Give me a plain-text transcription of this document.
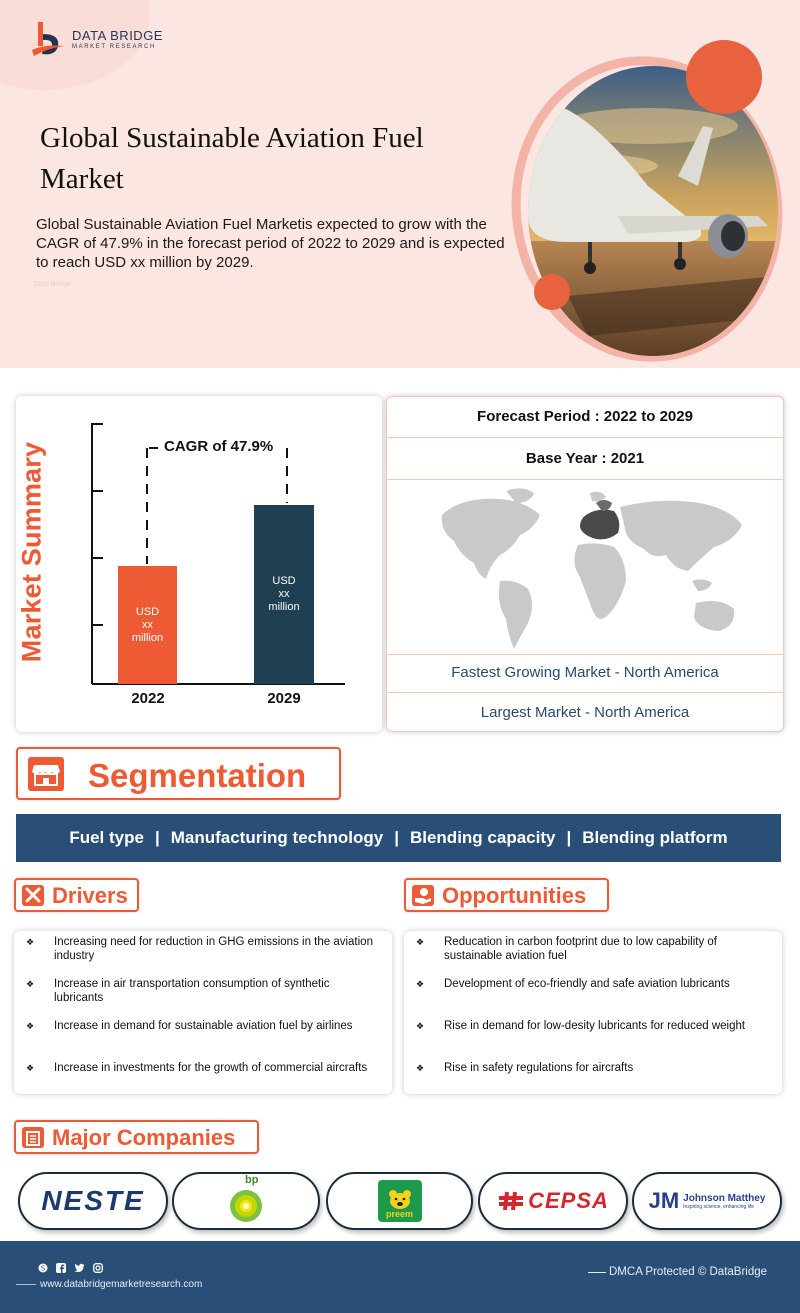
DATA BRIDGE
MARKET RESEARCH
Global Sustainable Aviation Fuel Market
Global Sustainable Aviation Fuel Marketis expected to grow with the CAGR of 47.9% in the forecast period of 2022 to 2029 and is expected to reach USD xx million by 2029.
Data Bridge
Market Summary	CAGR of 47.9%
USD
xx
million
USD
xx
million
2022	2029
Forecast Period : 2022 to 2029
Base Year : 2021
Fastest Growing Market - North America
Largest Market - North America
Segmentation
Fuel type | Manufacturing technology | Blending capacity | Blending platform
Drivers
❖ Increasing need for reduction in GHG emissions in the aviation industry
❖ Increase in air transportation consumption of synthetic lubricants
❖ Increase in demand for sustainable aviation fuel by airlines
❖ Increase in investments for the growth of commercial aircrafts
Opportunities
❖ Reducation in carbon footprint due to low capability of sustainable aviation fuel
❖ Development of eco-friendly and safe aviation lubricants
❖ Rise in demand for low-desity lubricants for reduced weight
❖ Rise in safety regulations for aircrafts
Major Companies
NESTE
bp
preem
CEPSA JM Johnson Matthey
Inspiring science, enhancing life
S
www.databridgemarketresearch.com
DMCA Protected © DataBridge
